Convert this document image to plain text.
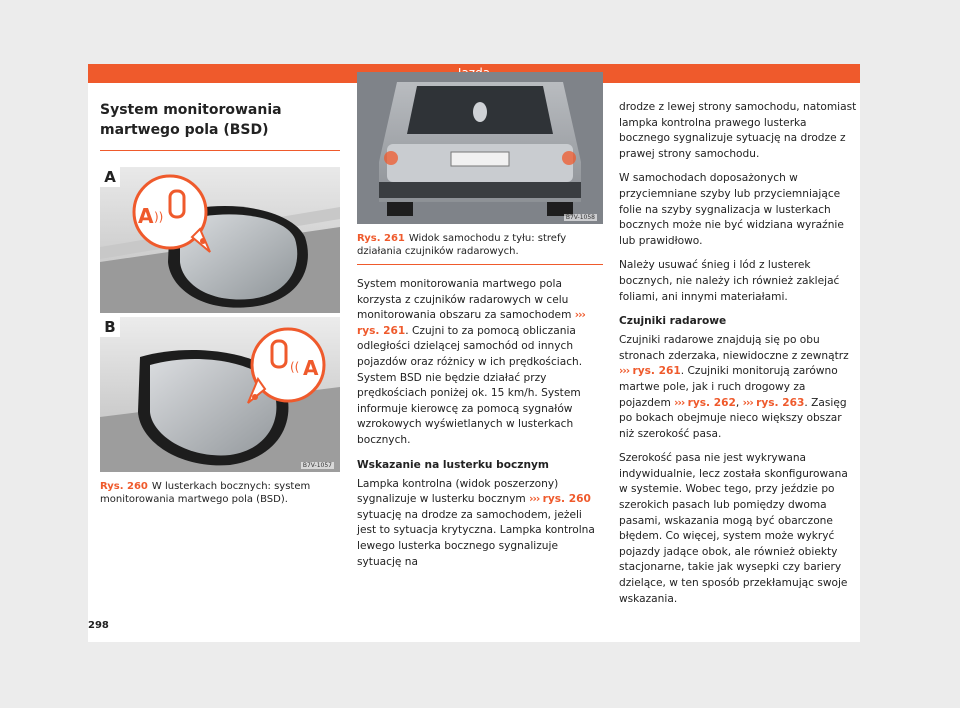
System monitorowania martwego pola (BSD)
A ))
A
(( A
B
B7V-1057
Rys. 260 W lusterkach bocznych: system monitorowania martwego pola (BSD).
B7V-1058
Rys. 261 Widok samochodu z tyłu: strefy działania czujników radarowych.

System monitorowania martwego pola korzysta z czujników radarowych w celu monitorowania obszaru za samochodem ››› rys. 261. Czujni to za pomocą obliczania odległości dzielącej samochód od innych pojazdów oraz różnicy w ich prędkościach. System BSD nie będzie działać przy prędkościach poniżej ok. 15 km/h. System informuje kierowcę za pomocą sygnałów wzrokowych wyświetlanych w lusterkach bocznych.

Wskazanie na lusterku bocznym

Lampka kontrolna (widok poszerzony) sygnalizuje w lusterku bocznym ››› rys. 260 sytuację na drodze za samochodem, jeżeli jest to sytuacja krytyczna. Lampka kontrolna lewego lusterka bocznego sygnalizuje sytuację na

drodze z lewej strony samochodu, natomiast lampka kontrolna prawego lusterka bocznego sygnalizuje sytuację na drodze z prawej strony samochodu.

W samochodach doposażonych w przyciemniane szyby lub przyciemniające folie na szyby sygnalizacja w lusterkach bocznych może nie być widziana wyraźnie lub prawidłowo.

Należy usuwać śnieg i lód z lusterek bocznych, nie należy ich również zaklejać foliami, ani innymi materiałami.

Czujniki radarowe

Czujniki radarowe znajdują się po obu stronach zderzaka, niewidoczne z zewnątrz ››› rys. 261. Czujniki monitorują zarówno martwe pole, jak i ruch drogowy za pojazdem ››› rys. 262, ››› rys. 263. Zasięg po bokach obejmuje nieco większy obszar niż szerokość pasa.

Szerokość pasa nie jest wykrywana indywidualnie, lecz została skonfigurowana w systemie. Wobec tego, przy jeździe po szerokich pasach lub pomiędzy dwoma pasami, wskazania mogą być obarczone błędem. Co więcej, system może wykryć pojazdy jadące obok, ale również obiekty stacjonarne, takie jak wysepki czy bariery dzielące, w ten sposób przekłamując swoje wskazania.

298
